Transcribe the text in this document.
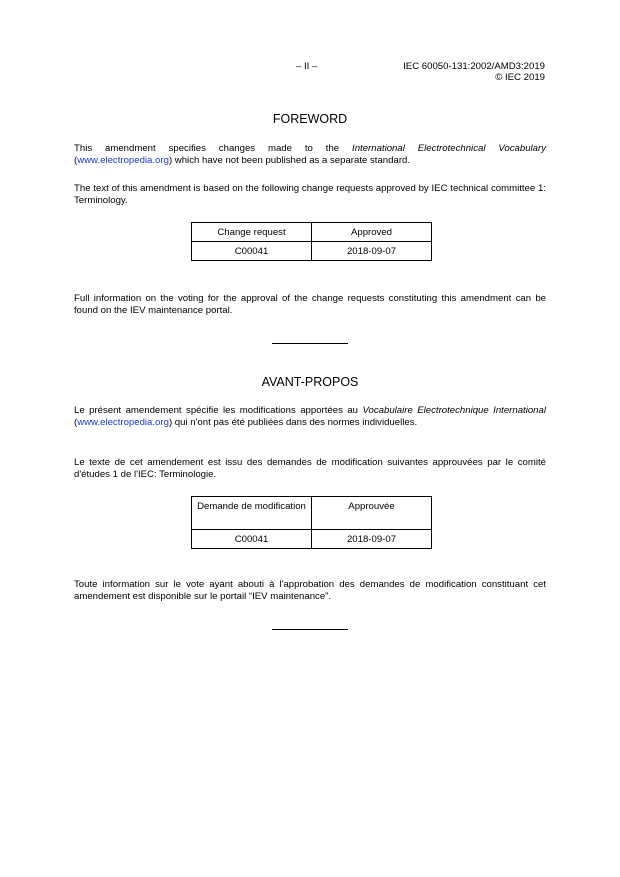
– II –	IEC 60050-131:2002/AMD3:2019
© IEC 2019
FOREWORD
This amendment specifies changes made to the International Electrotechnical Vocabulary (www.electropedia.org) which have not been published as a separate standard.
The text of this amendment is based on the following change requests approved by IEC technical committee 1: Terminology.
Change request	Approved
C00041	2018-09-07
Full information on the voting for the approval of the change requests constituting this amendment can be found on the IEV maintenance portal.
AVANT-PROPOS
Le présent amendement spécifie les modifications apportées au Vocabulaire Electrotechnique International (www.electropedia.org) qui n'ont pas été publiées dans des normes individuelles.
Le texte de cet amendement est issu des demandes de modification suivantes approuvées par le comité d'études 1 de l'IEC: Terminologie.
Demande de modification	Approuvée
C00041	2018-09-07
Toute information sur le vote ayant abouti à l'approbation des demandes de modification constituant cet amendement est disponible sur le portail “IEV maintenance”.
